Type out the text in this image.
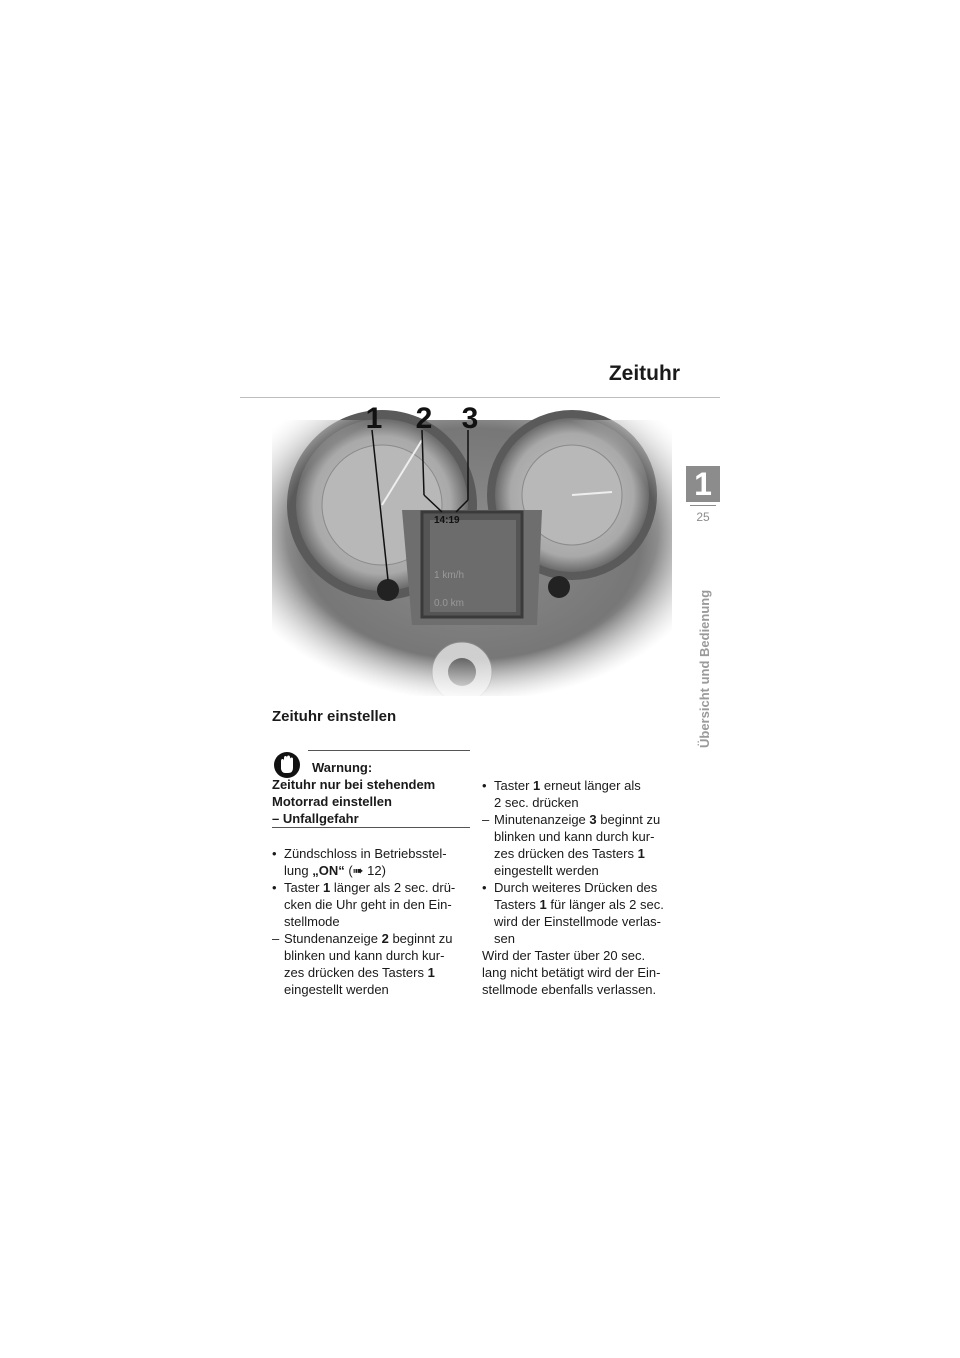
Zeituhr
1
25
Übersicht und Bedienung
1	2 3
Zeituhr einstellen
Warnung:
Zeituhr nur bei stehendem
Motorrad einstellen
– Unfallgefahr
• Zündschloss in Betriebsstel-
lung „ON“ (➠ 12)
• Taster 1 länger als 2 sec. drü-
cken die Uhr geht in den Ein-
stellmode
– Stundenanzeige 2 beginnt zu
blinken und kann durch kur-
zes drücken des Tasters 1
eingestellt werden
• Taster 1 erneut länger als
2 sec. drücken
– Minutenanzeige 3 beginnt zu
blinken und kann durch kur-
zes drücken des Tasters 1
eingestellt werden
• Durch weiteres Drücken des
Tasters 1 für länger als 2 sec.
wird der Einstellmode verlas-
sen
Wird der Taster über 20 sec.
lang nicht betätigt wird der Ein-
stellmode ebenfalls verlassen.
